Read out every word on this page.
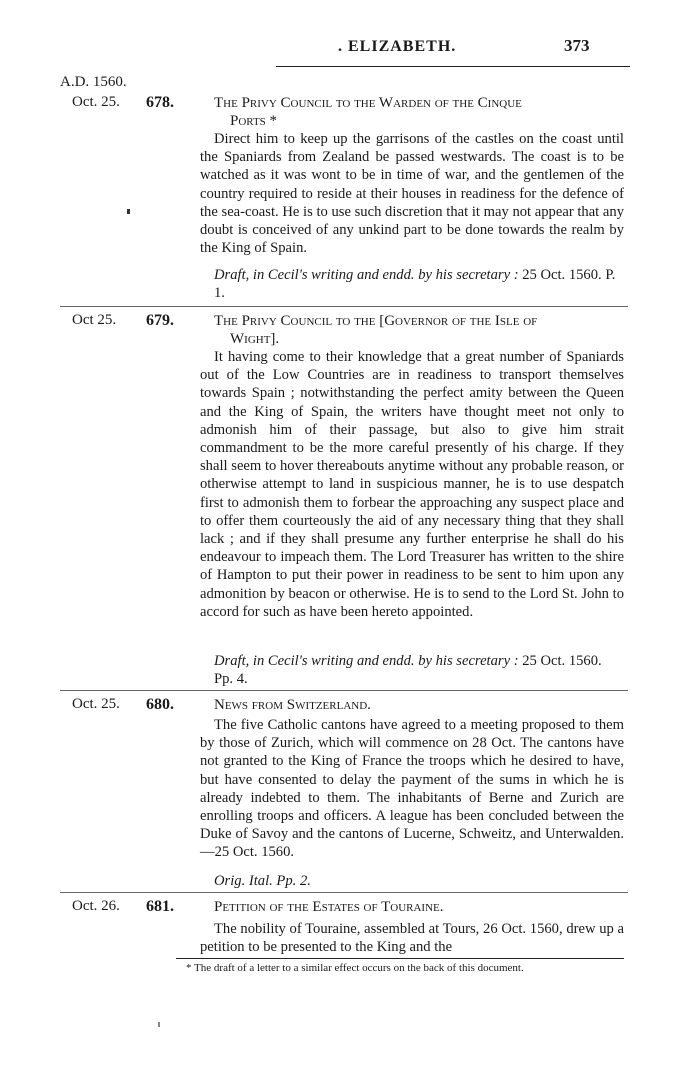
. ELIZABETH.	373
A.D. 1560.
Oct. 25. 678.	The Privy Council to the Warden of the Cinque
Ports *

Direct him to keep up the garrisons of the castles on the coast until the Spaniards from Zealand be passed westwards. The coast is to be watched as it was wont to be in time of war, and the gentlemen of the country required to reside at their houses in readiness for the defence of the sea-coast. He is to use such discretion that it may not appear that any doubt is conceived of any unkind part to be done towards the realm by the King of Spain.

Draft, in Cecil's writing and endd. by his secretary : 25 Oct. 1560. P. 1.

Oct 25. 679.	The Privy Council to the [Governor of the Isle of
Wight].

It having come to their knowledge that a great number of Spaniards out of the Low Countries are in readiness to transport themselves towards Spain ; notwithstanding the perfect amity between the Queen and the King of Spain, the writers have thought meet not only to admonish him of their passage, but also to give him strait commandment to be the more careful presently of his charge. If they shall seem to hover thereabouts anytime without any probable reason, or otherwise attempt to land in suspicious manner, he is to use despatch first to admonish them to forbear the approaching any suspect place and to offer them courteously the aid of any necessary thing that they shall lack ; and if they shall presume any further enterprise he shall do his endeavour to impeach them. The Lord Treasurer has written to the shire of Hampton to put their power in readiness to be sent to him upon any admonition by beacon or otherwise. He is to send to the Lord St. John to accord for such as have been hereto appointed.

Draft, in Cecil's writing and endd. by his secretary : 25 Oct. 1560. Pp. 4.

Oct. 25. 680.	News from Switzerland.

The five Catholic cantons have agreed to a meeting proposed to them by those of Zurich, which will commence on 28 Oct. The cantons have not granted to the King of France the troops which he desired to have, but have consented to delay the payment of the sums in which he is already indebted to them. The inhabitants of Berne and Zurich are enrolling troops and officers. A league has been concluded between the Duke of Savoy and the cantons of Lucerne, Schweitz, and Unterwalden.—25 Oct. 1560.

Orig. Ital. Pp. 2.

Oct. 26. 681.	Petition of the Estates of Touraine.

The nobility of Touraine, assembled at Tours, 26 Oct. 1560, drew up a petition to be presented to the King and the

* The draft of a letter to a similar effect occurs on the back of this document.
